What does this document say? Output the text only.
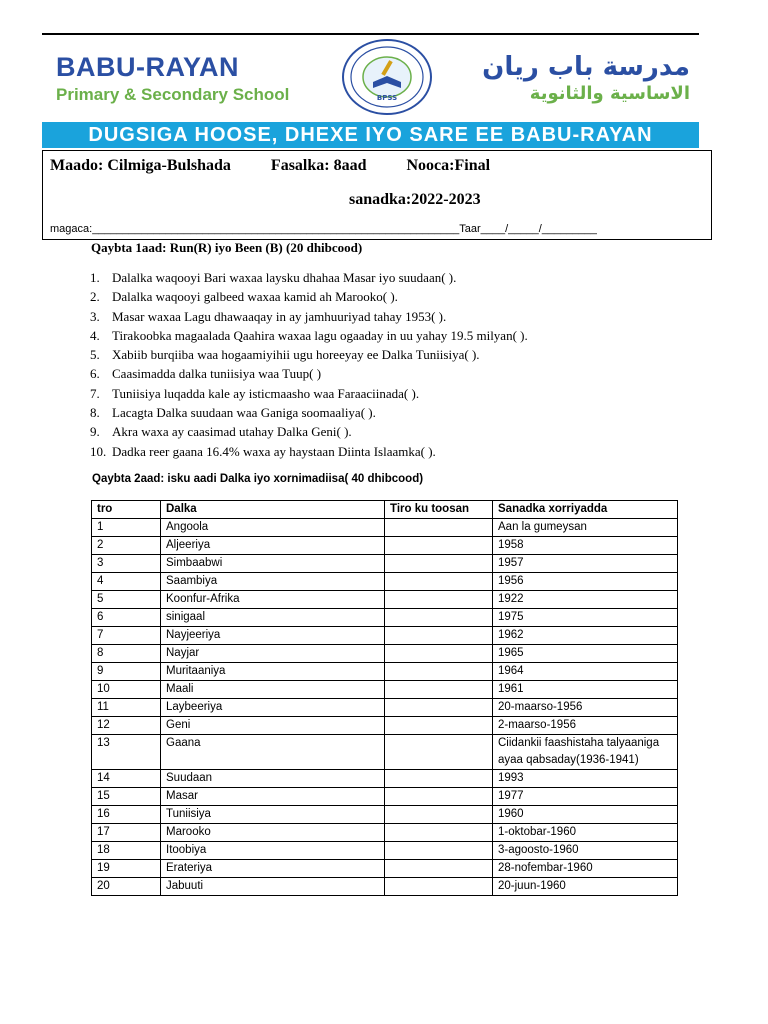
BABU-RAYAN
Primary & Secondary School	BPSS
مدرسة باب ريان
الاساسية والثانوية
DUGSIGA HOOSE, DHEXE IYO SARE EE BABU-RAYAN
Maado: Cilmiga-Bulshada	Fasalka: 8aad	Nooca:Final
sanadka:2022-2023
magaca:____________________________________________________________Taar____/_____/_________
Qaybta 1aad: Run(R) iyo Been (B) (20 dhibcood)
1. Dalalka waqooyi Bari waxaa laysku dhahaa Masar iyo suudaan( ).
2. Dalalka waqooyi galbeed waxaa kamid ah Marooko( ).
3. Masar waxaa Lagu dhawaaqay in ay jamhuuriyad tahay 1953( ).
4. Tirakoobka magaalada Qaahira waxaa lagu ogaaday in uu yahay 19.5 milyan( ).
5. Xabiib burqiiba waa hogaamiyihii ugu horeeyay ee Dalka Tuniisiya( ).
6. Caasimadda dalka tuniisiya waa Tuup( )
7. Tuniisiya luqadda kale ay isticmaasho waa Faraaciinada( ).
8. Lacagta Dalka suudaan waa Ganiga soomaaliya( ).
9. Akra waxa ay caasimad utahay Dalka Geni( ).
10. Dadka reer gaana 16.4% waxa ay haystaan Diinta Islaamka( ).
Qaybta 2aad: isku aadi Dalka iyo xornimadiisa( 40 dhibcood)
tro	Dalka	Tiro ku toosan	Sanadka xorriyadda
1	Angoola		Aan la gumeysan
2	Aljeeriya		1958
3	Simbaabwi		1957
4	Saambiya		1956
5	Koonfur-Afrika		1922
6	sinigaal		1975
7	Nayjeeriya		1962
8	Nayjar		1965
9	Muritaaniya		1964
10	Maali		1961
11	Laybeeriya		20-maarso-1956
12	Geni		2-maarso-1956
13	Gaana		Ciidankii faashistaha talyaaniga ayaa qabsaday(1936-1941)
14	Suudaan		1993
15	Masar		1977
16	Tuniisiya		1960
17	Marooko		1-oktobar-1960
18	Itoobiya		3-agoosto-1960
19	Erateriya		28-nofembar-1960
20	Jabuuti		20-juun-1960
